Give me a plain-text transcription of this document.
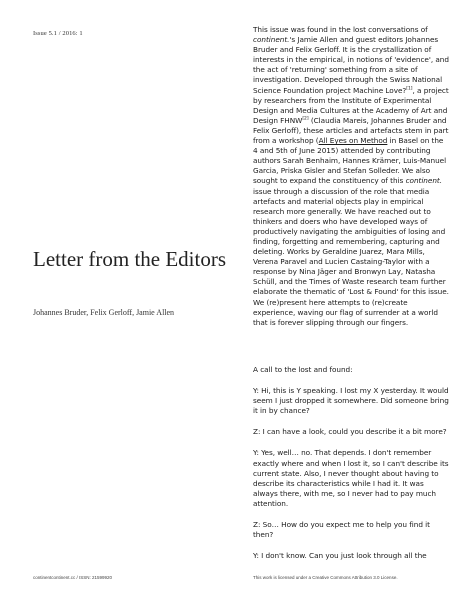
Issue 5.1 / 2016: 1
Letter from the Editors
Johannes Bruder, Felix Gerloff, Jamie Allen

This issue was found in the lost conversations of continent.'s Jamie Allen and guest editors Johannes Bruder and Felix Gerloff. It is the crystallization of interests in the empirical, in notions of 'evidence', and the act of 'returning' something from a site of investigation. Developed through the Swiss National Science Foundation project Machine Love?[1], a project by researchers from the Institute of Experimental Design and Media Cultures at the Academy of Art and Design FHNW[2] (Claudia Mareis, Johannes Bruder and Felix Gerloff), these articles and artefacts stem in part from a workshop (All Eyes on Method in Basel on the 4 and 5th of June 2015) attended by contributing authors Sarah Benhaim, Hannes Krämer, Luis-Manuel Garcia, Priska Gisler and Stefan Solleder. We also sought to expand the constituency of this continent. issue through a discussion of the role that media artefacts and material objects play in empirical research more generally. We have reached out to thinkers and doers who have developed ways of productively navigating the ambiguities of losing and finding, forgetting and remembering, capturing and deleting. Works by Geraldine Juarez, Mara Mills, Verena Paravel and Lucien Castaing-Taylor with a response by Nina Jäger and Bronwyn Lay, Natasha Schüll, and the Times of Waste research team further elaborate the thematic of 'Lost & Found' for this issue. We (re)present here attempts to (re)create experience, waving our flag of surrender at a world that is forever slipping through our fingers.

A call to the lost and found:

Y: Hi, this is Y speaking. I lost my X yesterday. It would seem I just dropped it somewhere. Did someone bring it in by chance?

Z: I can have a look, could you describe it a bit more?

Y: Yes, well… no. That depends. I don't remember exactly where and when I lost it, so I can't describe its current state. Also, I never thought about having to describe its characteristics while I had it. It was always there, with me, so I never had to pay much attention.

Z: So… How do you expect me to help you find it then?

Y: I don't know. Can you just look through all the

continentcontinent.cc / ISSN: 21599920	This work is licensed under a Creative Commons Attribution 3.0 License.
